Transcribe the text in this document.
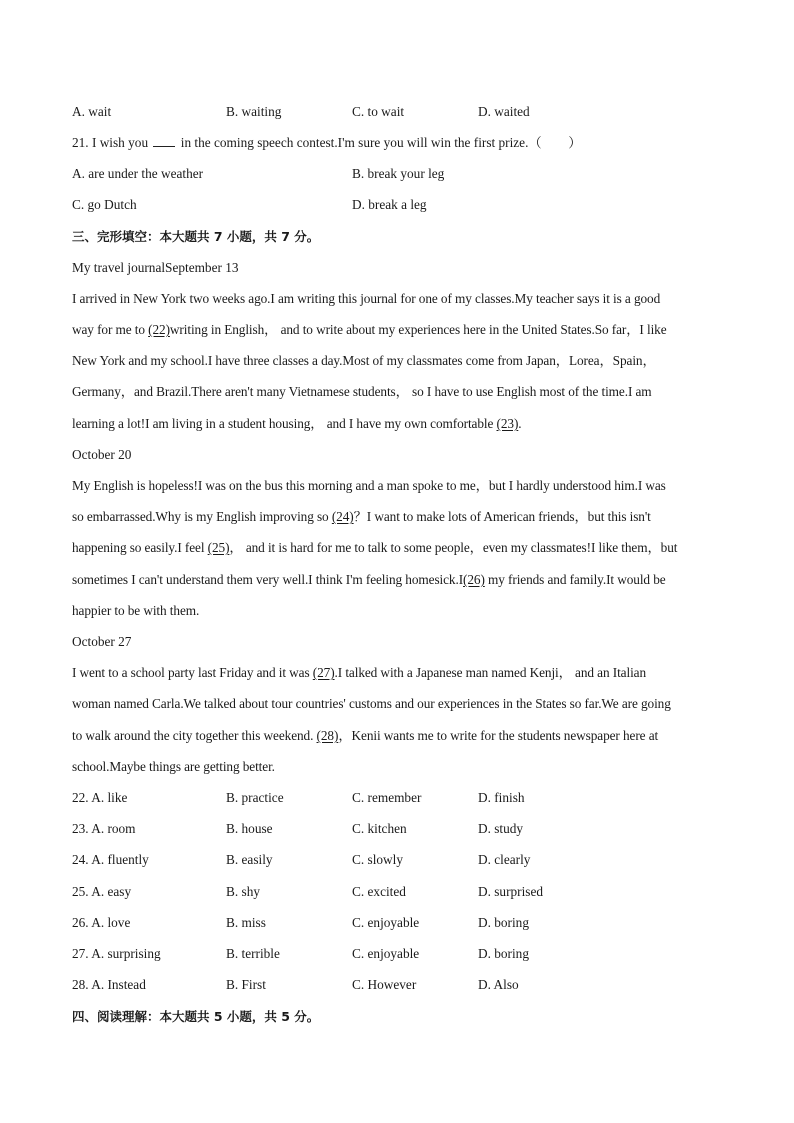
A. wait	B. waiting	C. to wait	D. waited
21. I wish you  in the coming speech contest.I'm sure you will win the first prize.（　　）
A. are under the weather	B. break your leg
C. go Dutch	D. break a leg
三、完形填空：本大题共 7 小题，共 7 分。
My travel journalSeptember 13
I arrived in New York two weeks ago.I am writing this journal for one of my classes.My teacher says it is a good
way for me to (22)writing in English， and to write about my experiences here in the United States.So far，I like
New York and my school.I have three classes a day.Most of my classmates come from Japan，Lorea，Spain，
Germany，and Brazil.There aren't many Vietnamese students， so I have to use English most of the time.I am
learning a lot!I am living in a student housing， and I have my own comfortable (23).
October 20
My English is hopeless!I was on the bus this morning and a man spoke to me，but I hardly understood him.I was
so embarrassed.Why is my English improving so (24)？I want to make lots of American friends，but this isn't
happening so easily.I feel (25)， and it is hard for me to talk to some people，even my classmates!I like them，but
sometimes I can't understand them very well.I think I'm feeling homesick.I(26) my friends and family.It would be
happier to be with them.
October 27
I went to a school party last Friday and it was (27).I talked with a Japanese man named Kenji， and an Italian
woman named Carla.We talked about tour countries' customs and our experiences in the States so far.We are going
to walk around the city together this weekend. (28)，Kenii wants me to write for the students newspaper here at
school.Maybe things are getting better.
22. A. like	B. practice	C. remember	D. finish
23. A. room	B. house	C. kitchen	D. study
24. A. fluently	B. easily	C. slowly	D. clearly
25. A. easy	B. shy	C. excited	D. surprised
26. A. love	B. miss	C. enjoyable	D. boring
27. A. surprising	B. terrible	C. enjoyable	D. boring
28. A. Instead	B. First	C. However	D. Also
四、阅读理解：本大题共 5 小题，共 5 分。
